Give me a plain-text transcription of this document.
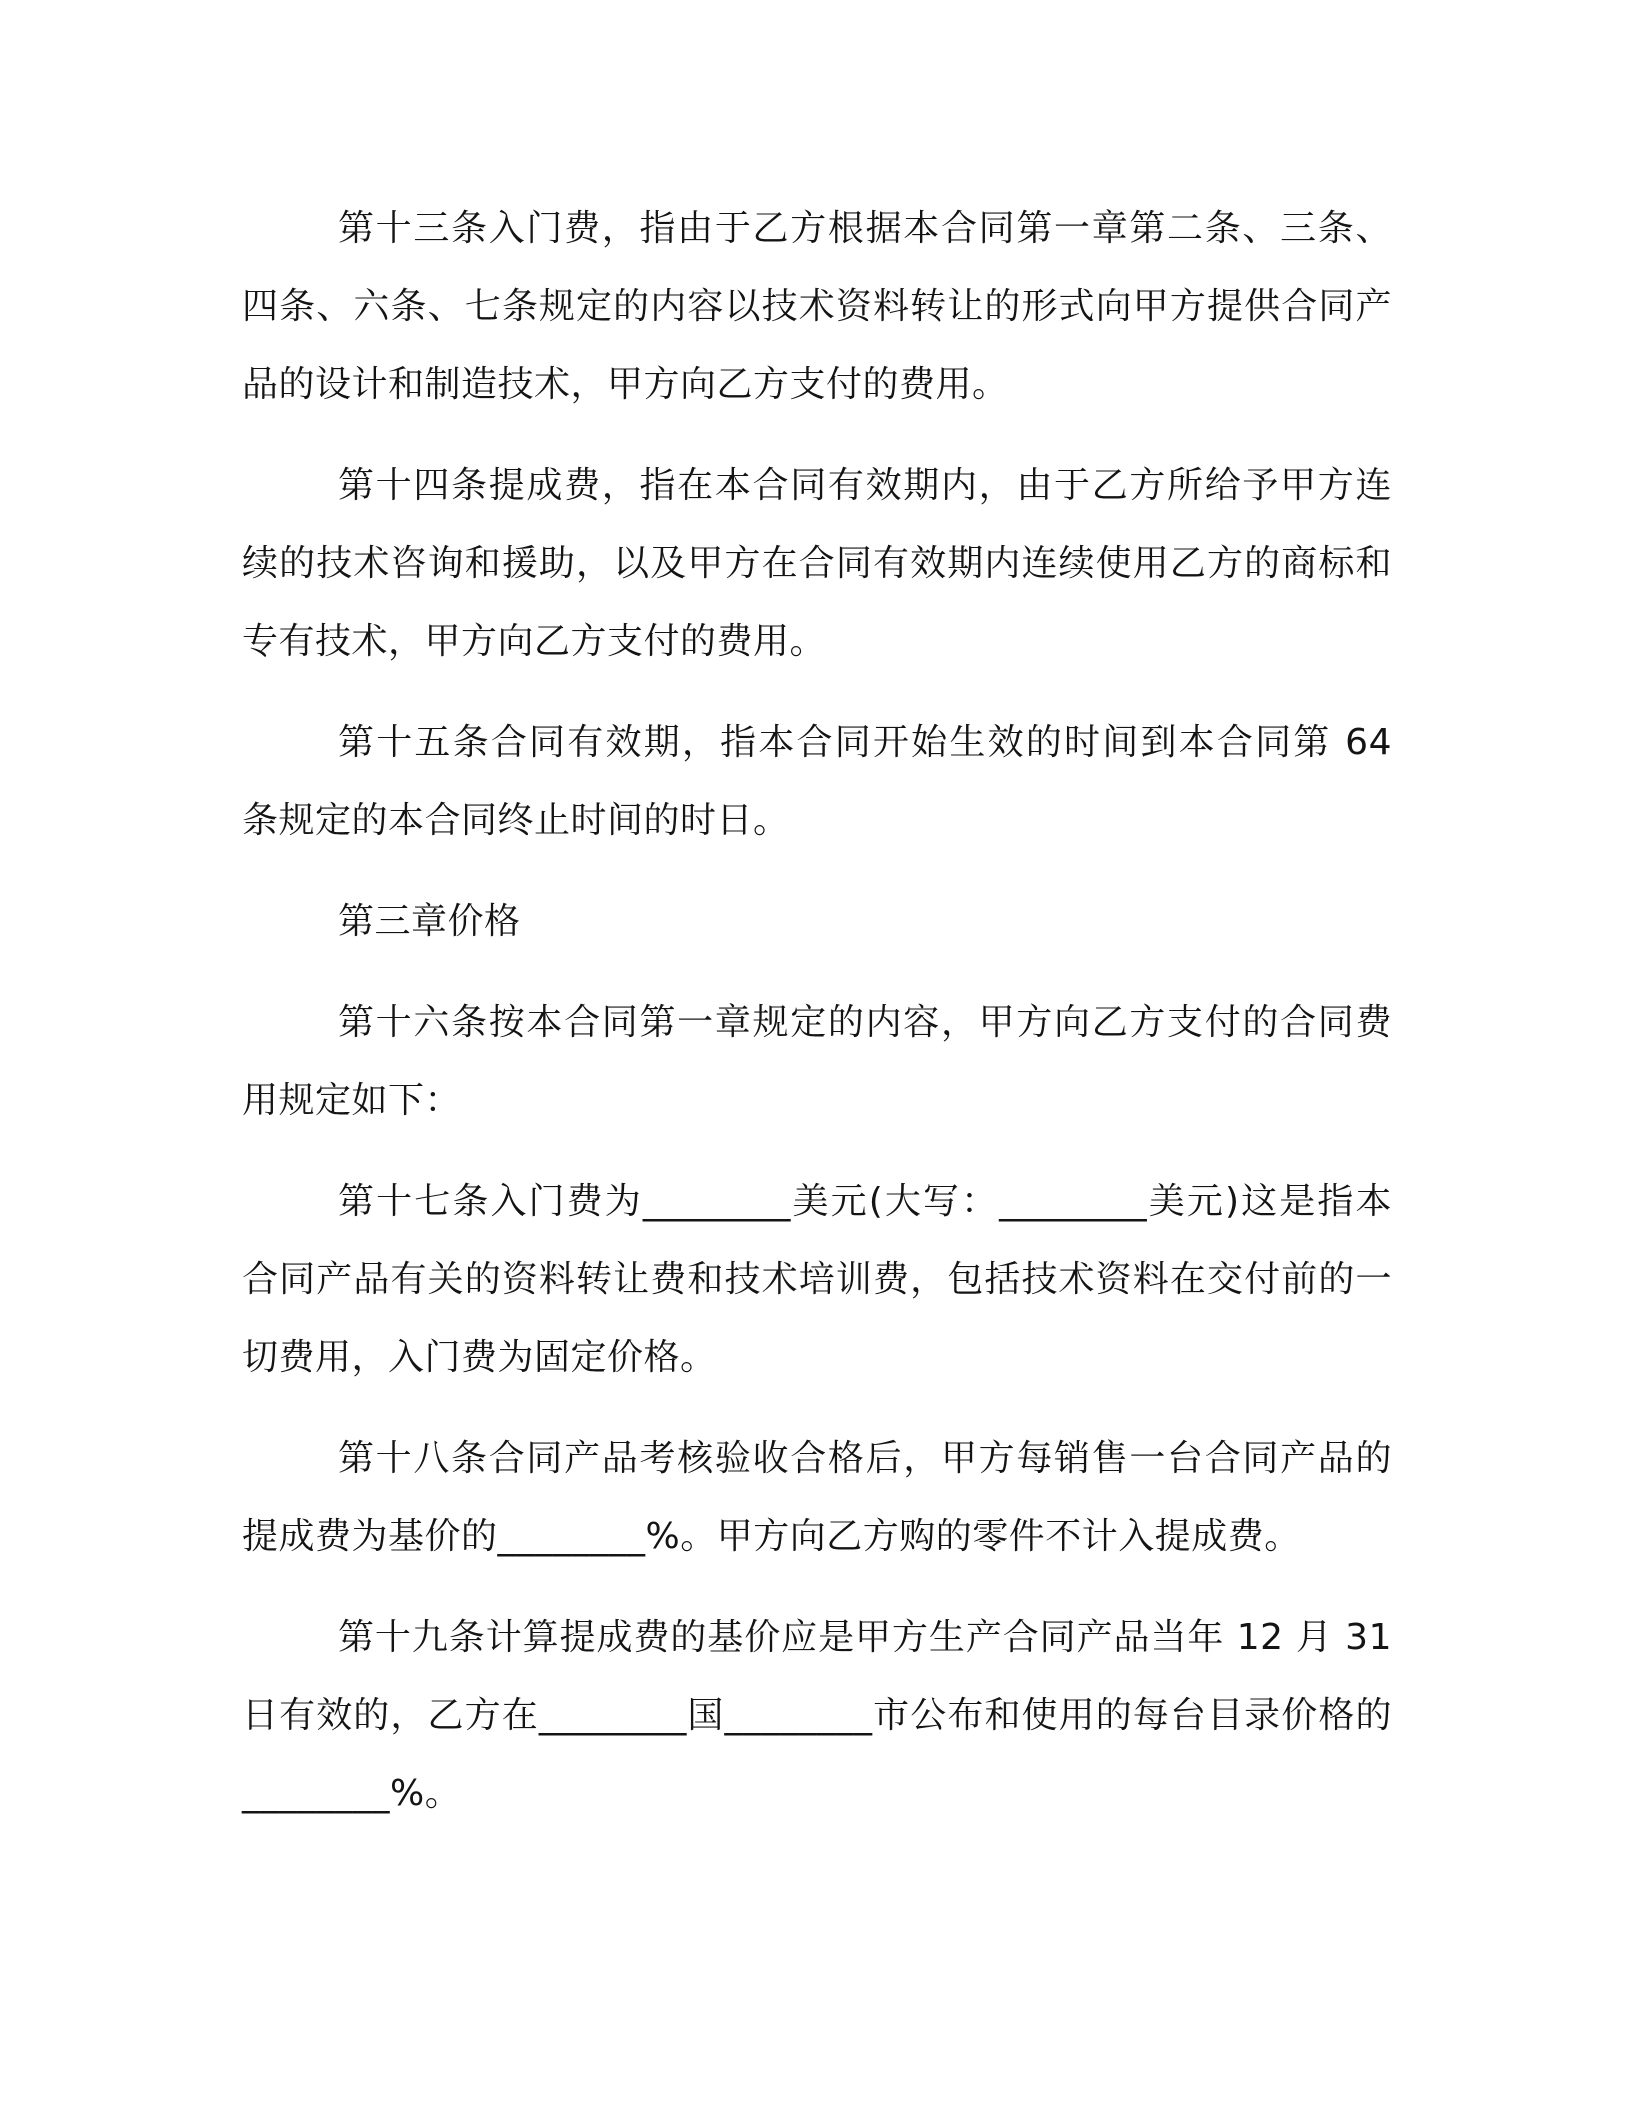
第十三条入门费，指由于乙方根据本合同第一章第二条、三条、四条、六条、七条规定的内容以技术资料转让的形式向甲方提供合同产品的设计和制造技术，甲方向乙方支付的费用。

第十四条提成费，指在本合同有效期内，由于乙方所给予甲方连续的技术咨询和援助，以及甲方在合同有效期内连续使用乙方的商标和专有技术，甲方向乙方支付的费用。

第十五条合同有效期，指本合同开始生效的时间到本合同第 64 条规定的本合同终止时间的时日。

第三章价格

第十六条按本合同第一章规定的内容，甲方向乙方支付的合同费用规定如下：

第十七条入门费为________美元(大写：________美元)这是指本合同产品有关的资料转让费和技术培训费，包括技术资料在交付前的一切费用，入门费为固定价格。

第十八条合同产品考核验收合格后，甲方每销售一台合同产品的提成费为基价的________%。甲方向乙方购的零件不计入提成费。

第十九条计算提成费的基价应是甲方生产合同产品当年 12 月 31 日有效的，乙方在________国________市公布和使用的每台目录价格的________%。
